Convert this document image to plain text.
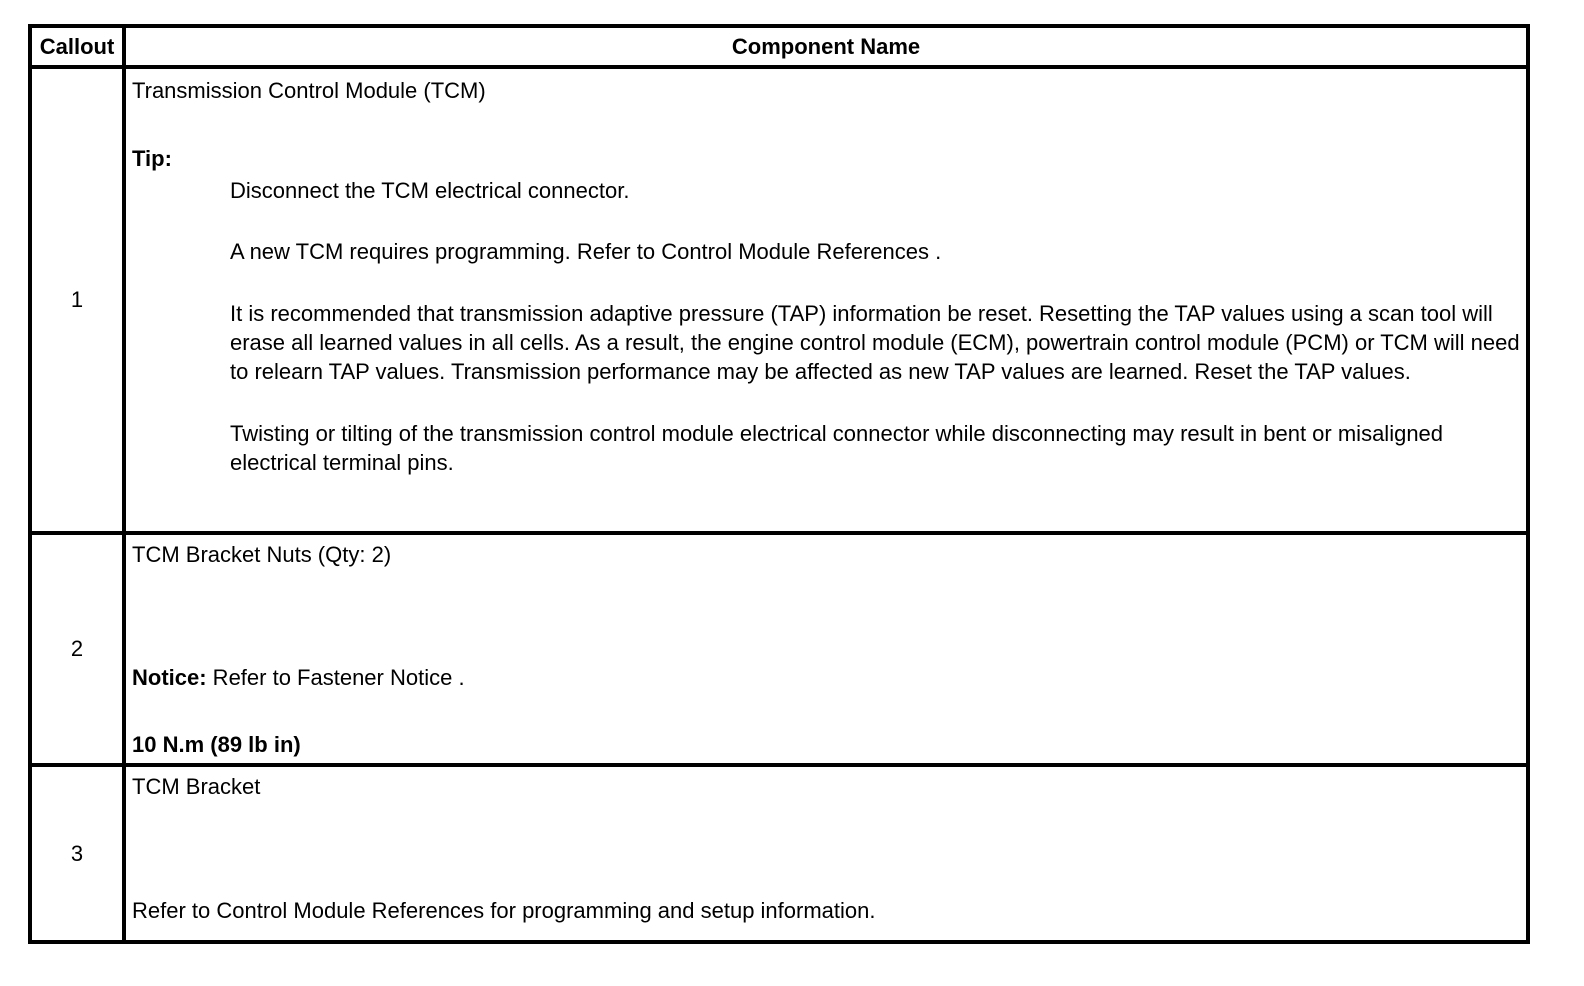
Callout	Component Name
1
Transmission Control Module (TCM)
Tip:
Disconnect the TCM electrical connector.
A new TCM requires programming. Refer to Control Module References .
It is recommended that transmission adaptive pressure (TAP) information be reset. Resetting the TAP values using a scan tool will erase all learned values in all cells. As a result, the engine control module (ECM), powertrain control module (PCM) or TCM will need to relearn TAP values. Transmission performance may be affected as new TAP values are learned. Reset the TAP values.
Twisting or tilting of the transmission control module electrical connector while disconnecting may result in bent or misaligned electrical terminal pins.
2
TCM Bracket Nuts (Qty: 2)
Notice: Refer to Fastener Notice .
10 N.m (89 lb in)
3
TCM Bracket
Refer to Control Module References for programming and setup information.
